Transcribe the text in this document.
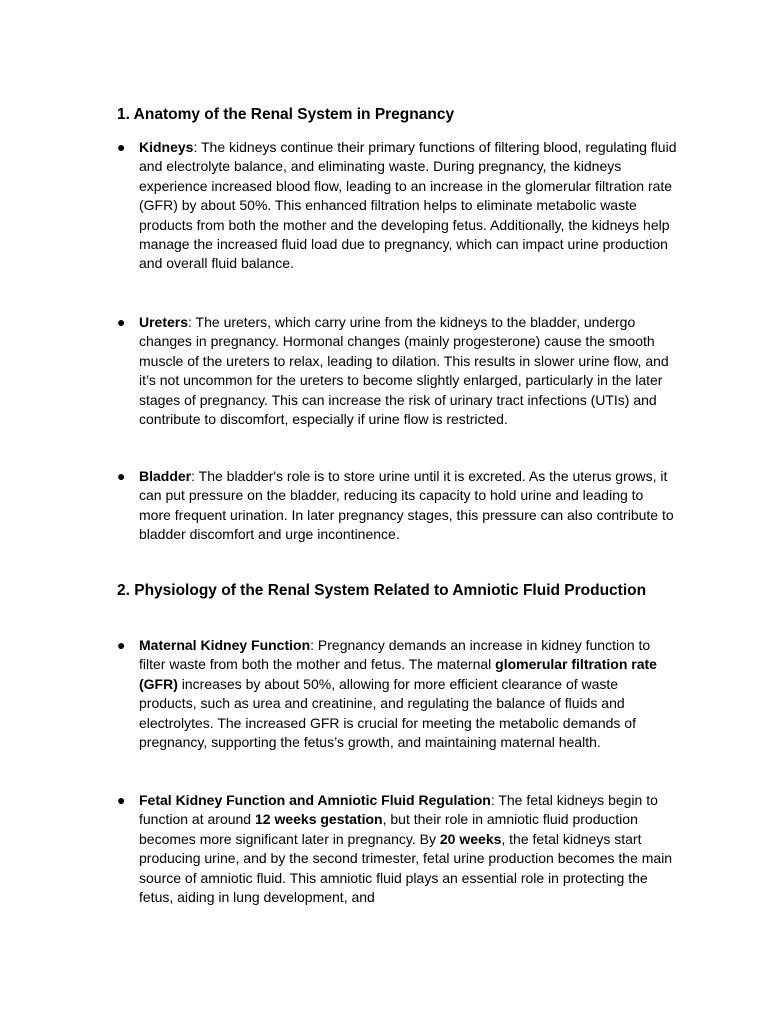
1. Anatomy of the Renal System in Pregnancy
● Kidneys: The kidneys continue their primary functions of filtering blood, regulating fluid and electrolyte balance, and eliminating waste. During pregnancy, the kidneys experience increased blood flow, leading to an increase in the glomerular filtration rate (GFR) by about 50%. This enhanced filtration helps to eliminate metabolic waste products from both the mother and the developing fetus. Additionally, the kidneys help manage the increased fluid load due to pregnancy, which can impact urine production and overall fluid balance.

● Ureters: The ureters, which carry urine from the kidneys to the bladder, undergo changes in pregnancy. Hormonal changes (mainly progesterone) cause the smooth muscle of the ureters to relax, leading to dilation. This results in slower urine flow, and it’s not uncommon for the ureters to become slightly enlarged, particularly in the later stages of pregnancy. This can increase the risk of urinary tract infections (UTIs) and contribute to discomfort, especially if urine flow is restricted.

● Bladder: The bladder's role is to store urine until it is excreted. As the uterus grows, it can put pressure on the bladder, reducing its capacity to hold urine and leading to more frequent urination. In later pregnancy stages, this pressure can also contribute to bladder discomfort and urge incontinence.

2. Physiology of the Renal System Related to Amniotic Fluid Production
● Maternal Kidney Function: Pregnancy demands an increase in kidney function to filter waste from both the mother and fetus. The maternal glomerular filtration rate (GFR) increases by about 50%, allowing for more efficient clearance of waste products, such as urea and creatinine, and regulating the balance of fluids and electrolytes. The increased GFR is crucial for meeting the metabolic demands of pregnancy, supporting the fetus’s growth, and maintaining maternal health.

● Fetal Kidney Function and Amniotic Fluid Regulation: The fetal kidneys begin to function at around 12 weeks gestation, but their role in amniotic fluid production becomes more significant later in pregnancy. By 20 weeks, the fetal kidneys start producing urine, and by the second trimester, fetal urine production becomes the main source of amniotic fluid. This amniotic fluid plays an essential role in protecting the fetus, aiding in lung development, and
